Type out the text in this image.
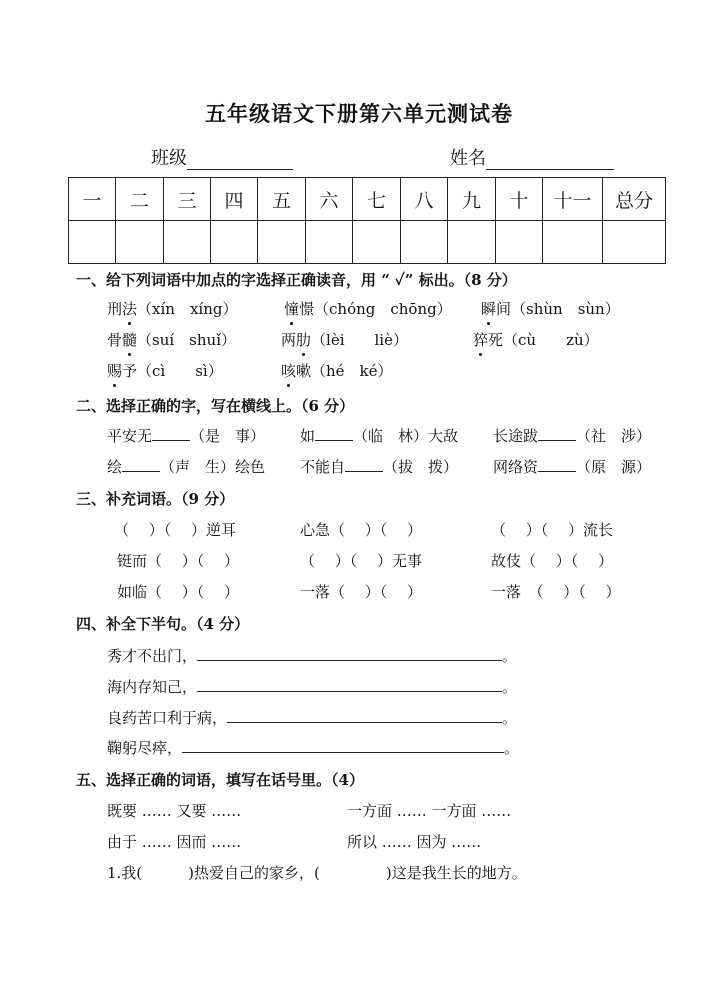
五年级语文下册第六单元测试卷
班级	姓名
一	二	三	四	五	六	七	八	九	十	十一	总分

一、给下列词语中加点的字选择正确读音，用 “ ✓” 标出。（8 分）
刑法（xín　xíng）	憧憬（chóng　chōng） 瞬间（shùn　sùn）
骨髓（suí　shuǐ）	两肋（lèi　　liè）	猝死（cù　　zù）
赐予（cì　　sì）	咳嗽（hé　ké）
二、选择正确的字，写在横线上。（6 分）
平安无	（是　事） 如	（临　林）大敌 长途跋	（社　涉）
绘	（声　生）绘色 不能自	（拔　拨） 网络资	（原　源）
三、补充词语。（9 分）
（　 ）（　 ）逆耳	心急（　 ）（　 ）	（　 ）（　 ）流长
铤而（　 ）（　 ）	（　 ）（　 ）无事	故伎（　 ）（　 ）
如临（　 ）（　 ）	一落（　 ）（　 ）	一落　（　 ）（　 ）
四、补全下半句。（4 分）
秀才不出门，	。
海内存知己，	。
良药苦口利于病，	。
鞠躬尽瘁，	。
五、选择正确的词语，填写在话号里。（4）
既要 …… 又要 ……	一方面 …… 一方面 ……
由于 …… 因而 ……	所以 …… 因为 ……
1.我(	)热爱自己的家乡，(	)这是我生长的地方。
